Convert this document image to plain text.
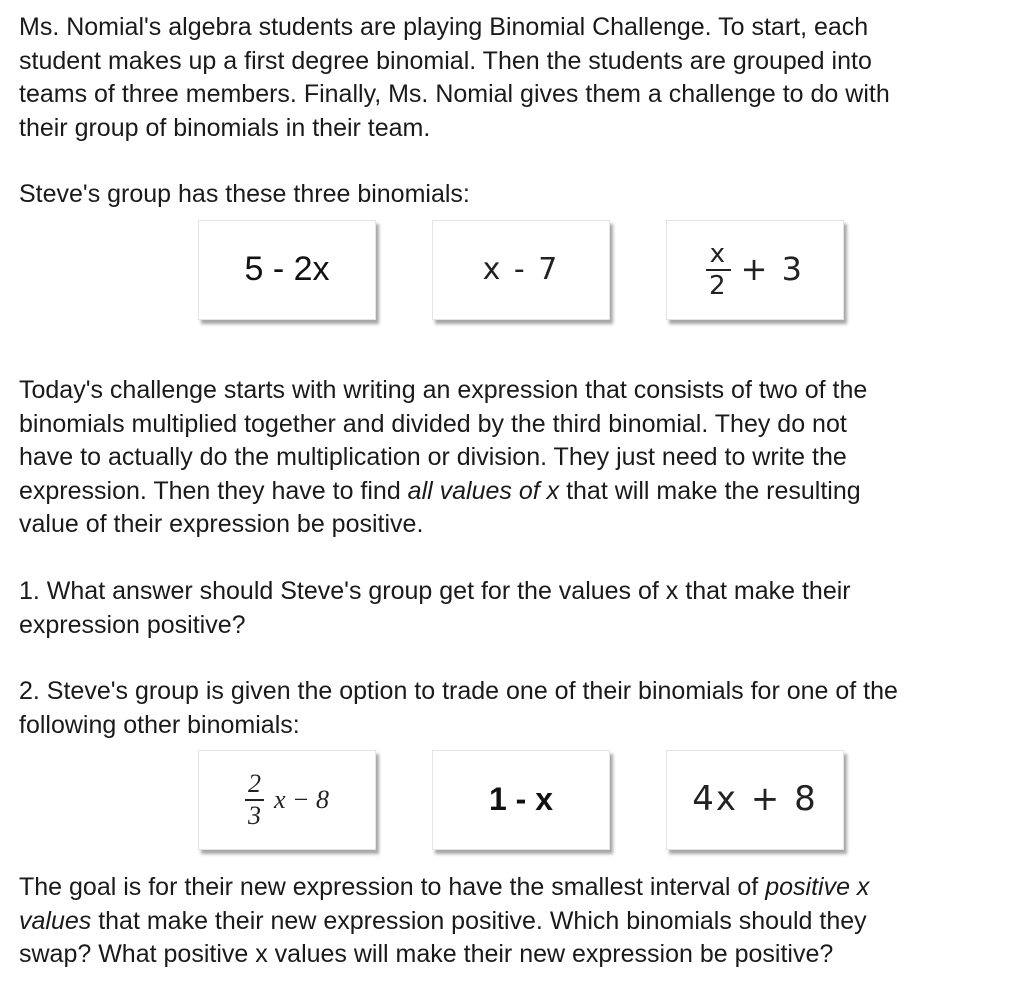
Ms. Nomial's algebra students are playing Binomial Challenge. To start, each
student makes up a first degree binomial. Then the students are grouped into
teams of three members. Finally, Ms. Nomial gives them a challenge to do with
their group of binomials in their team.

Steve's group has these three binomials:

5 - 2x	x - 7	$\frac{x}{2} + 3$

Today's challenge starts with writing an expression that consists of two of the
binomials multiplied together and divided by the third binomial. They do not
have to actually do the multiplication or division. They just need to write the
expression. Then they have to find all values of x that will make the resulting
value of their expression be positive.

1. What answer should Steve's group get for the values of x that make their
expression positive?

2. Steve's group is given the option to trade one of their binomials for one of the
following other binomials:

$\frac{2}{3}$ x − 8	1 - x	4x + 8

The goal is for their new expression to have the smallest interval of positive x
values that make their new expression positive. Which binomials should they
swap? What positive x values will make their new expression be positive?
